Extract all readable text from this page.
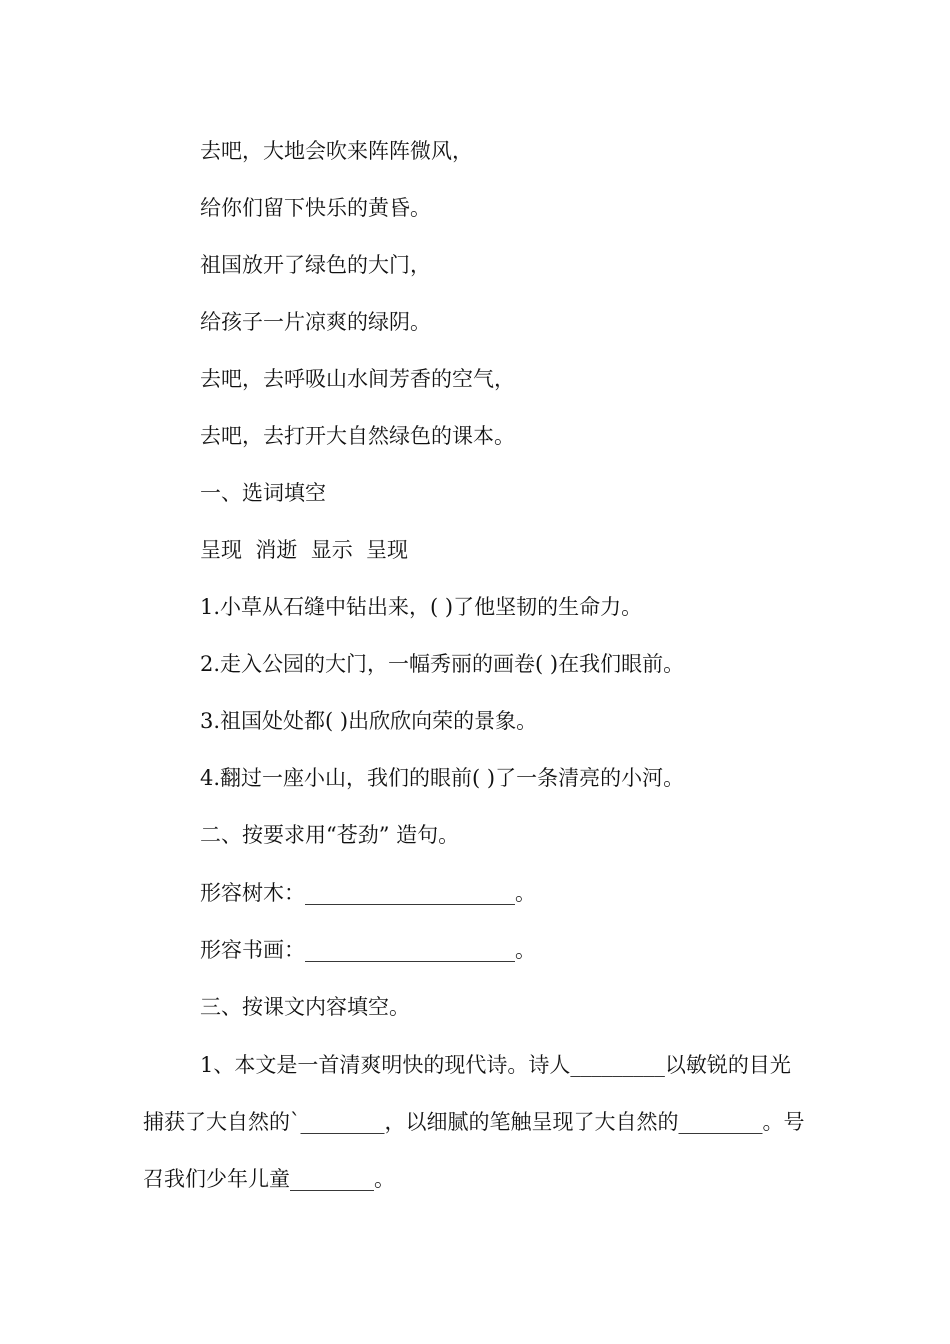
去吧，大地会吹来阵阵微风，
给你们留下快乐的黄昏。
祖国放开了绿色的大门，
给孩子一片凉爽的绿阴。
去吧，去呼吸山水间芳香的空气，
去吧，去打开大自然绿色的课本。
一、选词填空
呈现  消逝  显示  呈现
1.小草从石缝中钻出来，( )了他坚韧的生命力。
2.走入公园的大门，一幅秀丽的画卷( )在我们眼前。
3.祖国处处都( )出欣欣向荣的景象。
4.翻过一座小山，我们的眼前( )了一条清亮的小河。
二、按要求用“苍劲” 造句。
形容树木：____________________。
形容书画：____________________。
三、按课文内容填空。
1、本文是一首清爽明快的现代诗。诗人_________以敏锐的目光捕获了大自然的`________，以细腻的笔触呈现了大自然的________。号召我们少年儿童________。
